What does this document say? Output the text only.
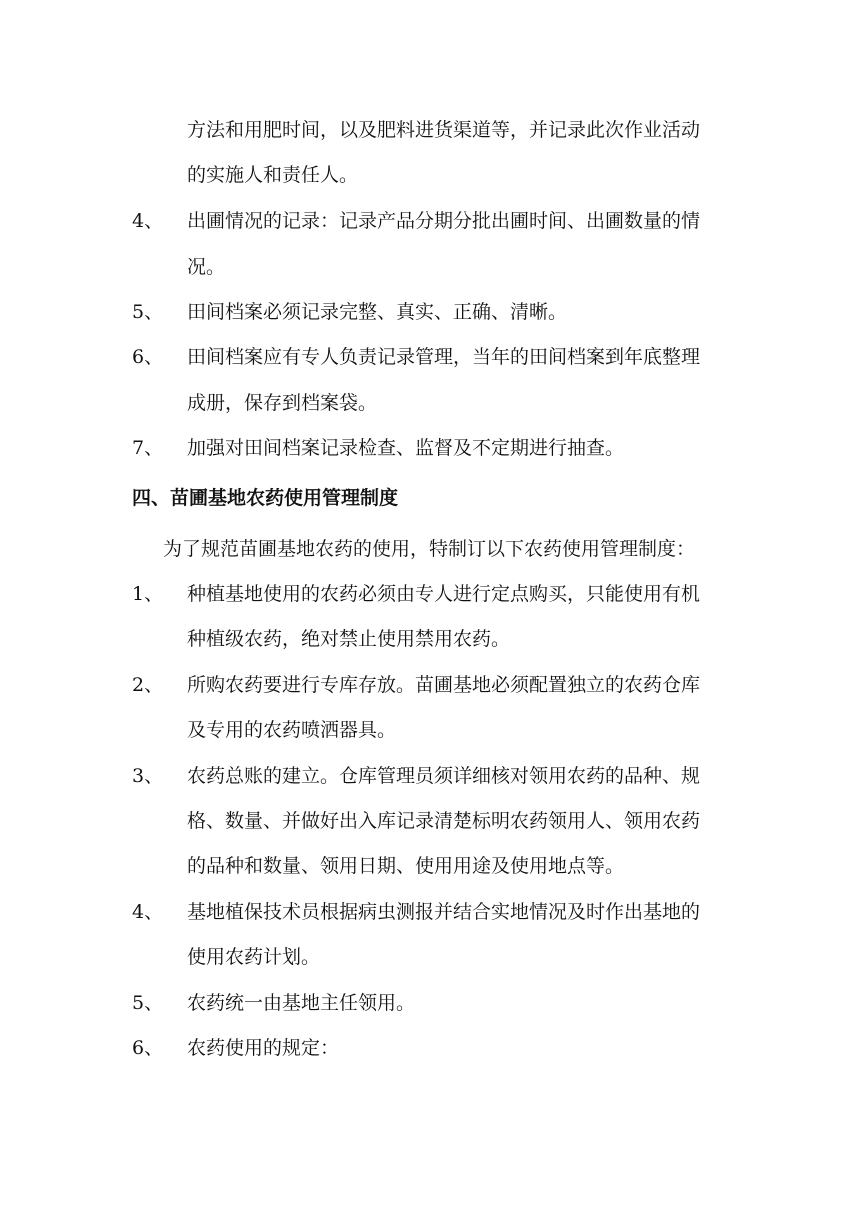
方法和用肥时间，以及肥料进货渠道等，并记录此次作业活动
的实施人和责任人。
4、 出圃情况的记录：记录产品分期分批出圃时间、出圃数量的情
况。
5、 田间档案必须记录完整、真实、正确、清晰。
6、 田间档案应有专人负责记录管理，当年的田间档案到年底整理
成册，保存到档案袋。
7、 加强对田间档案记录检查、监督及不定期进行抽查。
四、苗圃基地农药使用管理制度
为了规范苗圃基地农药的使用，特制订以下农药使用管理制度：
1、 种植基地使用的农药必须由专人进行定点购买，只能使用有机
种植级农药，绝对禁止使用禁用农药。
2、 所购农药要进行专库存放。苗圃基地必须配置独立的农药仓库
及专用的农药喷洒器具。
3、 农药总账的建立。仓库管理员须详细核对领用农药的品种、规
格、数量、并做好出入库记录清楚标明农药领用人、领用农药
的品种和数量、领用日期、使用用途及使用地点等。
4、 基地植保技术员根据病虫测报并结合实地情况及时作出基地的
使用农药计划。
5、 农药统一由基地主任领用。
6、 农药使用的规定：
